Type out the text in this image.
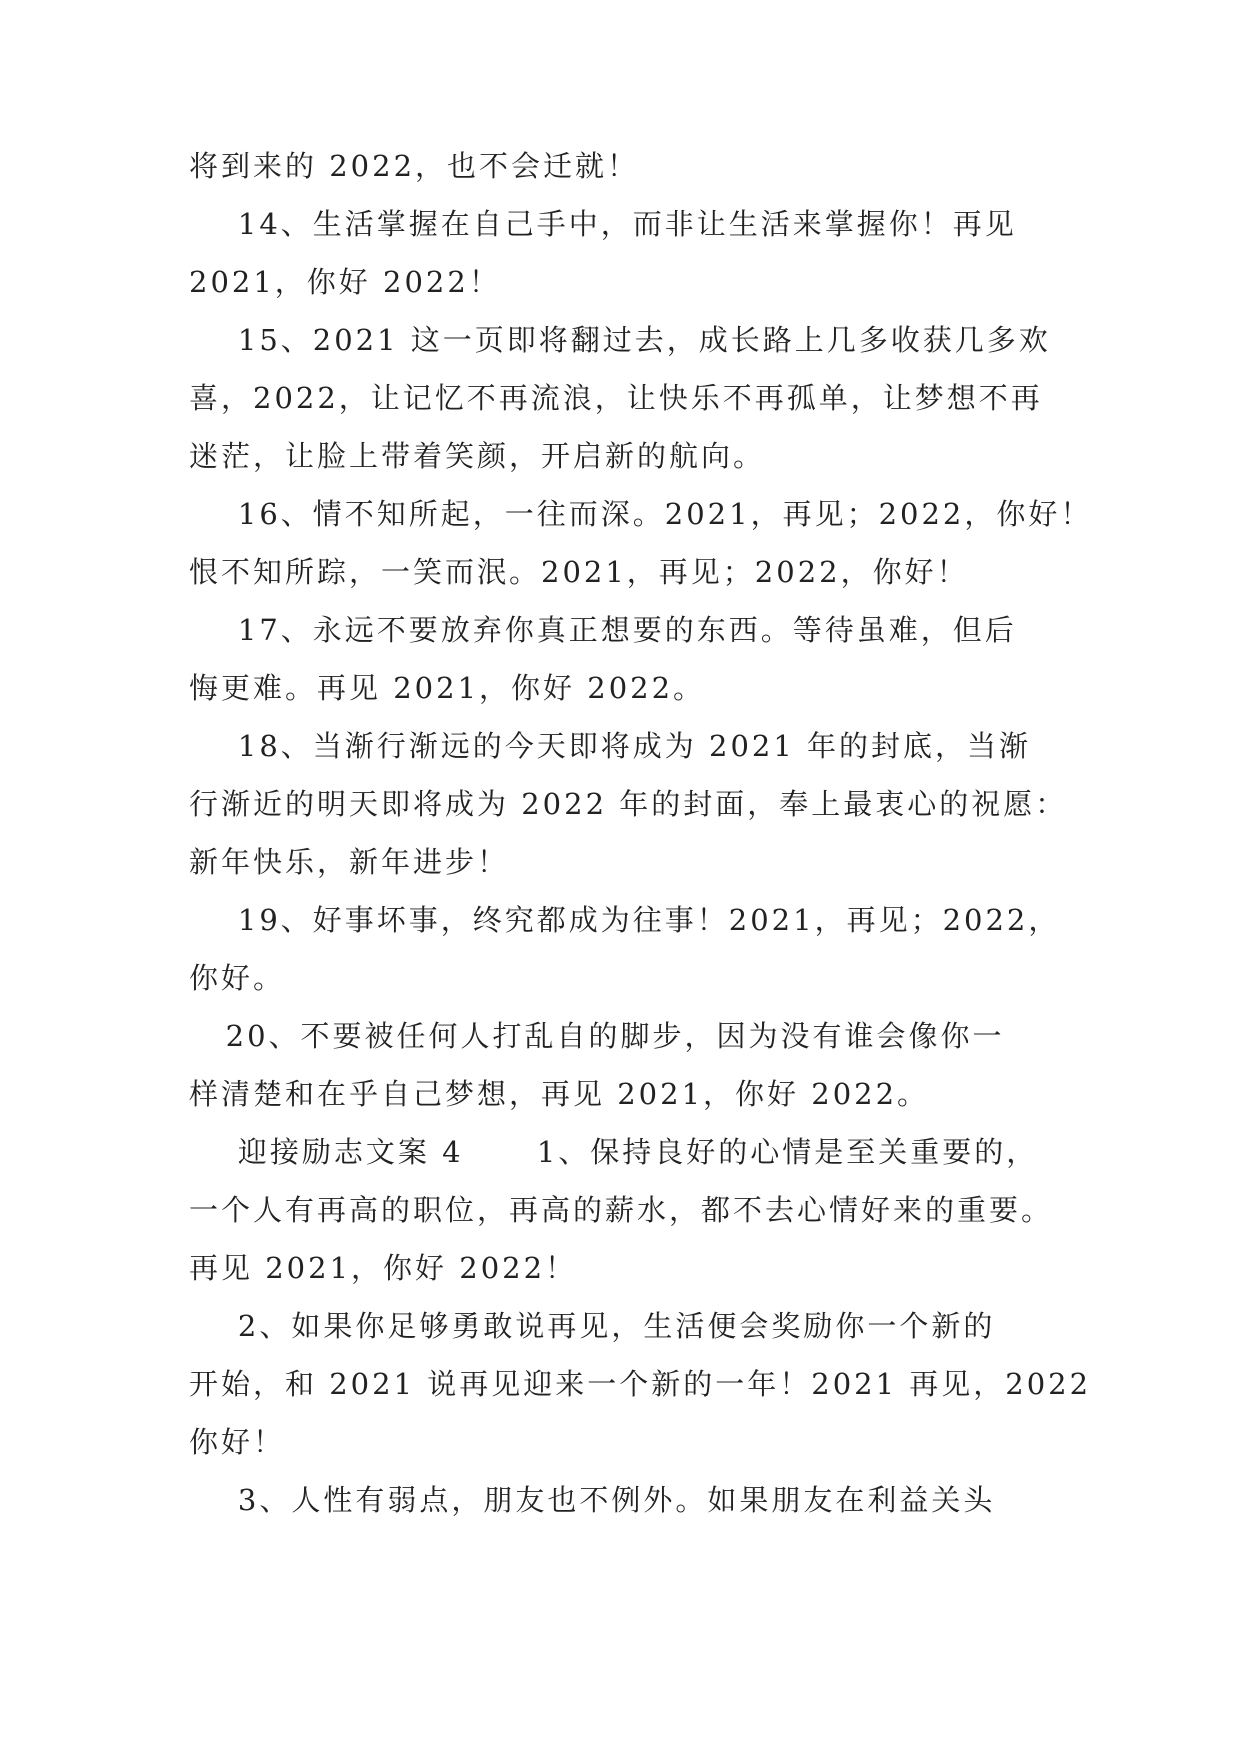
将到来的 2022，也不会迁就！
14、生活掌握在自己手中，而非让生活来掌握你！再见
2021，你好 2022！
15、2021 这一页即将翻过去，成长路上几多收获几多欢
喜，2022，让记忆不再流浪，让快乐不再孤单，让梦想不再
迷茫，让脸上带着笑颜，开启新的航向。
16、情不知所起，一往而深。2021，再见；2022，你好！
恨不知所踪，一笑而泯。2021，再见；2022，你好！
17、永远不要放弃你真正想要的东西。等待虽难，但后
悔更难。再见 2021，你好 2022。
18、当渐行渐远的今天即将成为 2021 年的封底，当渐
行渐近的明天即将成为 2022 年的封面，奉上最衷心的祝愿：
新年快乐，新年进步！
19、好事坏事，终究都成为往事！2021，再见；2022，
你好。
20、不要被任何人打乱自的脚步，因为没有谁会像你一
样清楚和在乎自己梦想，再见 2021，你好 2022。
迎接励志文案 4      1、保持良好的心情是至关重要的，
一个人有再高的职位，再高的薪水，都不去心情好来的重要。
再见 2021，你好 2022！
2、如果你足够勇敢说再见，生活便会奖励你一个新的
开始，和 2021 说再见迎来一个新的一年！2021 再见，2022
你好！
3、人性有弱点，朋友也不例外。如果朋友在利益关头
